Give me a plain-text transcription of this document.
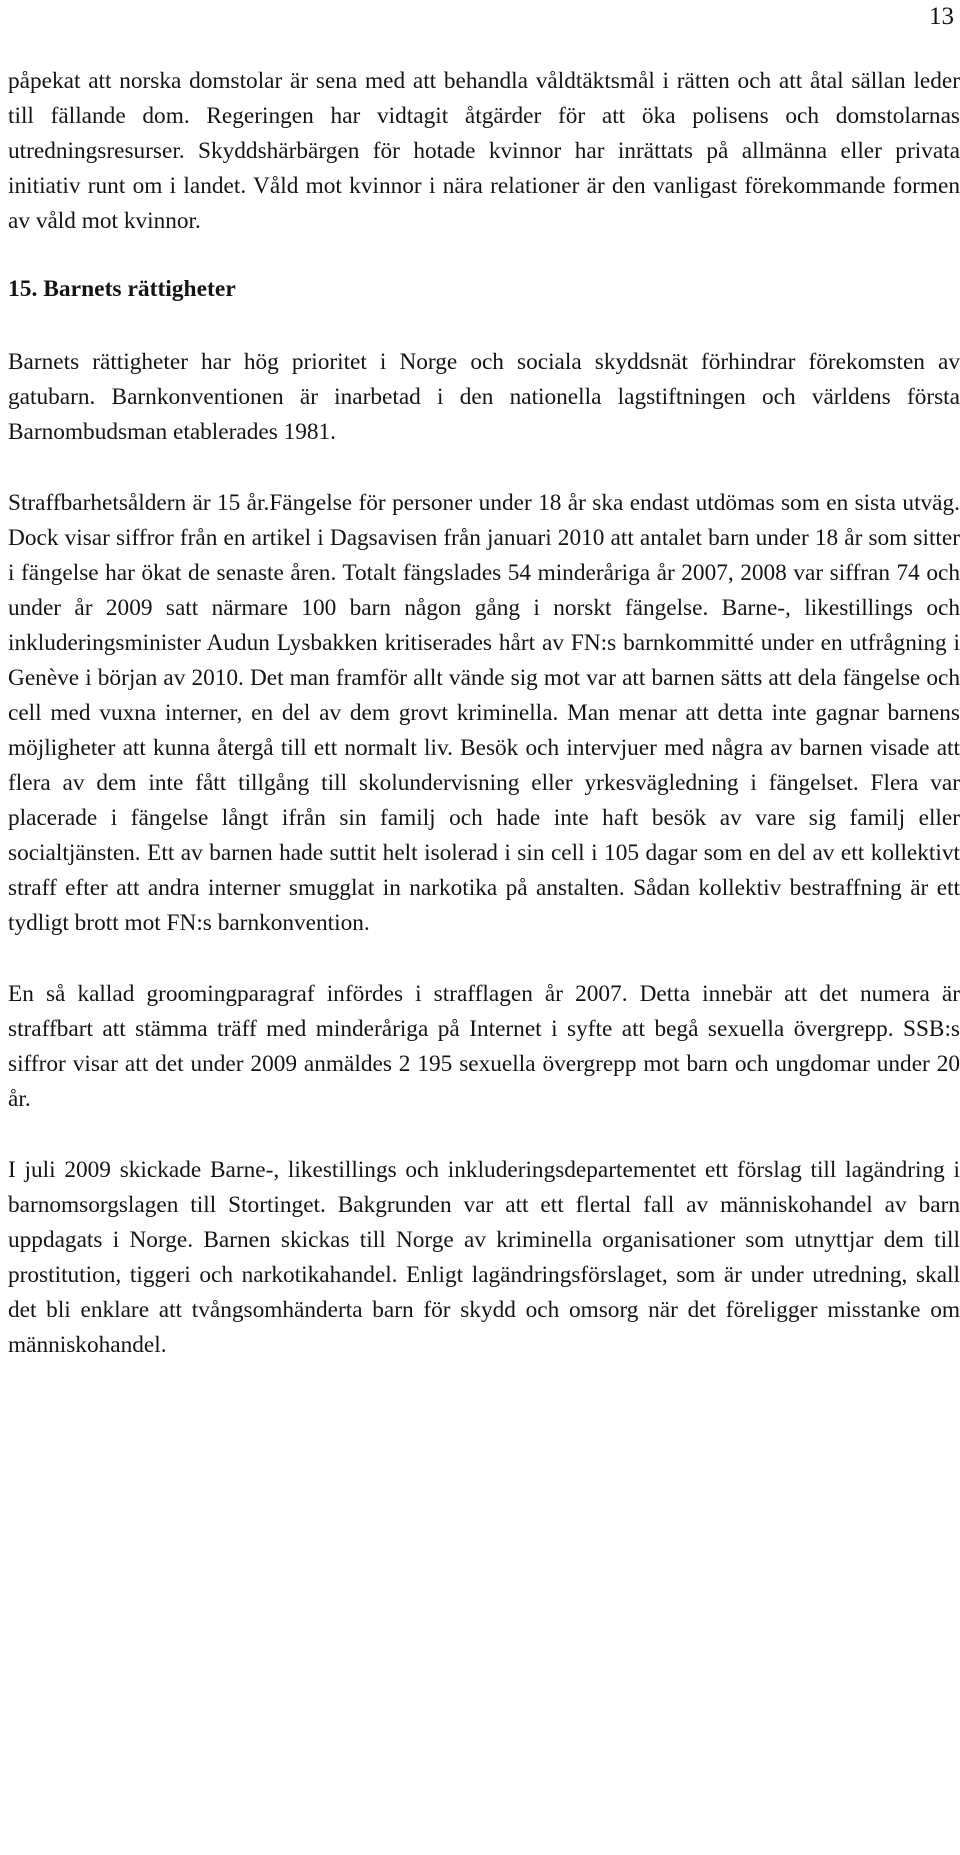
13

påpekat att norska domstolar är sena med att behandla våldtäktsmål i rätten och att åtal sällan leder till fällande dom. Regeringen har vidtagit åtgärder för att öka polisens och domstolarnas utredningsresurser. Skyddshärbärgen för hotade kvinnor har inrättats på allmänna eller privata initiativ runt om i landet. Våld mot kvinnor i nära relationer är den vanligast förekommande formen av våld mot kvinnor.

15. Barnets rättigheter

Barnets rättigheter har hög prioritet i Norge och sociala skyddsnät förhindrar förekomsten av gatubarn. Barnkonventionen är inarbetad i den nationella lagstiftningen och världens första Barnombudsman etablerades 1981.

Straffbarhetsåldern är 15 år.Fängelse för personer under 18 år ska endast utdömas som en sista utväg. Dock visar siffror från en artikel i Dagsavisen från januari 2010 att antalet barn under 18 år som sitter i fängelse har ökat de senaste åren. Totalt fängslades 54 minderåriga år 2007, 2008 var siffran 74 och under år 2009 satt närmare 100 barn någon gång i norskt fängelse. Barne-, likestillings och inkluderingsminister Audun Lysbakken kritiserades hårt av FN:s barnkommitté under en utfrågning i Genève i början av 2010. Det man framför allt vände sig mot var att barnen sätts att dela fängelse och cell med vuxna interner, en del av dem grovt kriminella. Man menar att detta inte gagnar barnens möjligheter att kunna återgå till ett normalt liv. Besök och intervjuer med några av barnen visade att flera av dem inte fått tillgång till skolundervisning eller yrkesvägledning i fängelset. Flera var placerade i fängelse långt ifrån sin familj och hade inte haft besök av vare sig familj eller socialtjänsten. Ett av barnen hade suttit helt isolerad i sin cell i 105 dagar som en del av ett kollektivt straff efter att andra interner smugglat in narkotika på anstalten. Sådan kollektiv bestraffning är ett tydligt brott mot FN:s barnkonvention.

En så kallad groomingparagraf infördes i strafflagen år 2007. Detta innebär att det numera är straffbart att stämma träff med minderåriga på Internet i syfte att begå sexuella övergrepp. SSB:s siffror visar att det under 2009 anmäldes 2 195 sexuella övergrepp mot barn och ungdomar under 20 år.

I juli 2009 skickade Barne-, likestillings och inkluderingsdepartementet ett förslag till lagändring i barnomsorgslagen till Stortinget. Bakgrunden var att ett flertal fall av människohandel av barn uppdagats i Norge. Barnen skickas till Norge av kriminella organisationer som utnyttjar dem till prostitution, tiggeri och narkotikahandel. Enligt lagändringsförslaget, som är under utredning, skall det bli enklare att tvångsomhänderta barn för skydd och omsorg när det föreligger misstanke om människohandel.
